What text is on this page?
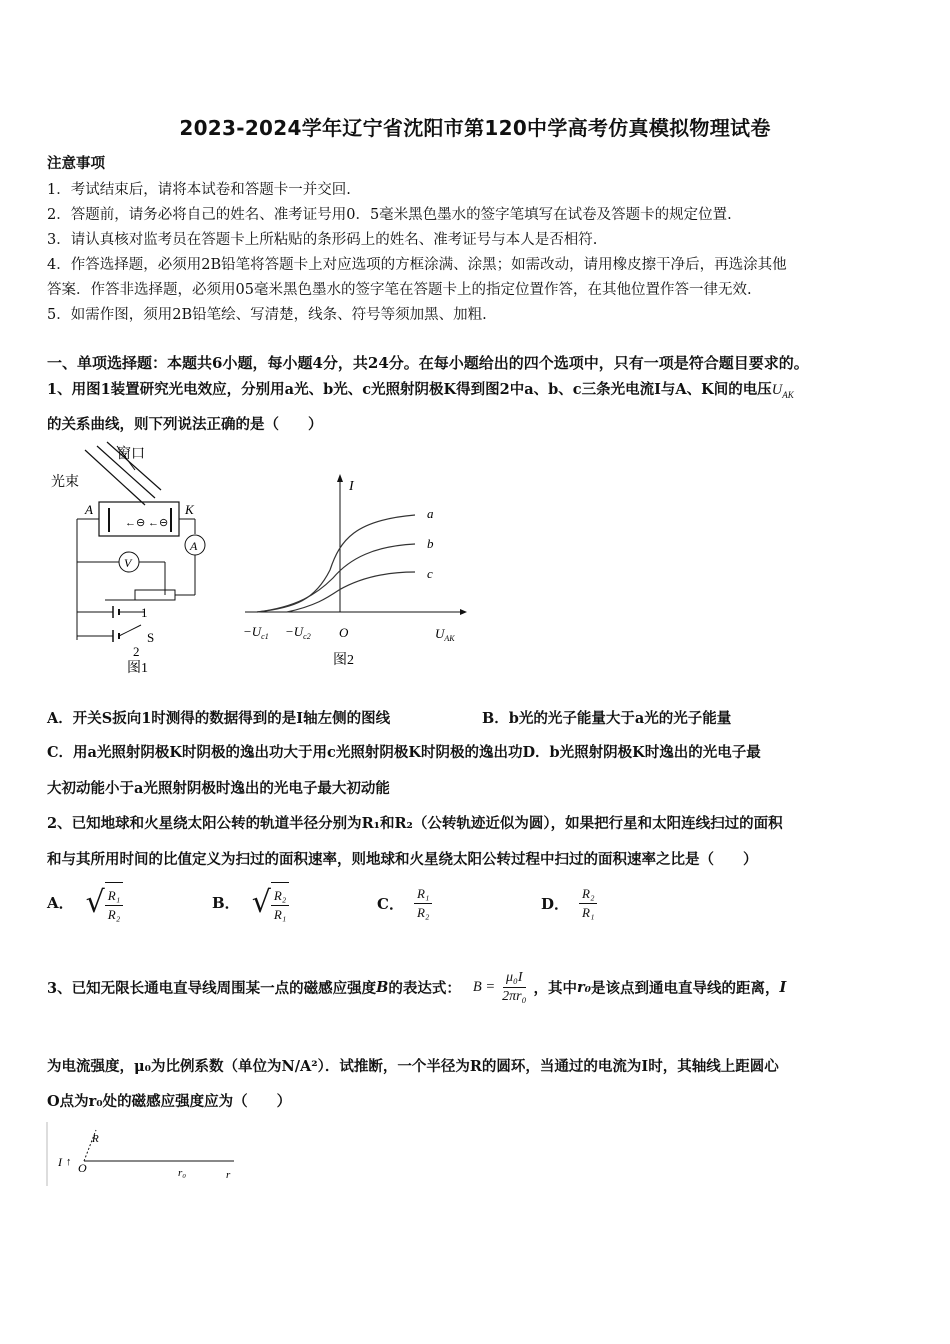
2023-2024学年辽宁省沈阳市第120中学高考仿真模拟物理试卷
注意事项
1．考试结束后，请将本试卷和答题卡一并交回.
2．答题前，请务必将自己的姓名、准考证号用0．5毫米黑色墨水的签字笔填写在试卷及答题卡的规定位置.
3．请认真核对监考员在答题卡上所粘贴的条形码上的姓名、准考证号与本人是否相符.
4．作答选择题，必须用2B铅笔将答题卡上对应选项的方框涂满、涂黑；如需改动，请用橡皮擦干净后，再选涂其他
答案．作答非选择题，必须用05毫米黑色墨水的签字笔在答题卡上的指定位置作答，在其他位置作答一律无效.
5．如需作图，须用2B铅笔绘、写清楚，线条、符号等须加黑、加粗.
一、单项选择题：本题共6小题，每小题4分，共24分。在每小题给出的四个选项中，只有一项是符合题目要求的。
1、用图1装置研究光电效应，分别用a光、b光、c光照射阴极K得到图2中a、b、c三条光电流I与A、K间的电压$U_{AK}$
的关系曲线，则下列说法正确的是（　　）
窗口
光束
←⊖ ←⊖
A	K
A
V
1
S
2
图1
I
a
b
c
$-U_{c1} -U_{c2}$ O	$U_{AK}$
图2
A．开关S扳向1时测得的数据得到的是I轴左侧的图线	B．b光的光子能量大于a光的光子能量
C．用a光照射阴极K时阴极的逸出功大于用c光照射阴极K时阴极的逸出功D．b光照射阴极K时逸出的光电子最
大初动能小于a光照射阴极时逸出的光电子最大初动能
2、已知地球和火星绕太阳公转的轨道半径分别为R₁和R₂（公转轨迹近似为圆），如果把行星和太阳连线扫过的面积
和与其所用时间的比值定义为扫过的面积速率，则地球和火星绕太阳公转过程中扫过的面积速率之比是（　　）
A． √ $\frac{\text{R₁}}{\text{R₂}}$	B． √ $\frac{\text{R₂}}{\text{R₁}}$	C． $\frac{\text{R₁}}{\text{R₂}}$	D． $\frac{\text{R₂}}{\text{R₁}}$
3、已知无限长通电直导线周围某一点的磁感应强度 B 的表达式： $B = \frac{\text{μ₀I}}{\text{2πr₀}}$ ，其中 r₀ 是该点到通电直导线的距离， I
为电流强度，μ₀为比例系数（单位为N/A²）．试推断，一个半径为R的圆环，当通过的电流为I时，其轴线上距圆心
O点为r₀处的磁感应强度应为（　　）
I ↑ O
R
r₀	r
